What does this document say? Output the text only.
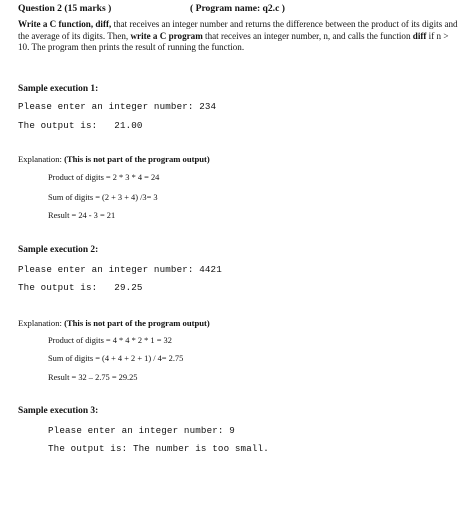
Question 2 (15 marks )	( Program name: q2.c )
Write a C function, diff, that receives an integer number and returns the difference between the product of its digits and the average of its digits. Then, write a C program that receives an integer number, n, and calls the function diff if n > 10. The program then prints the result of running the function.
Sample execution 1:
Please enter an integer number: 234
The output is:   21.00
Explanation: (This is not part of the program output)
Product of digits = 2 * 3 * 4 = 24
Sum of digits = (2 + 3 + 4) /3= 3
Result = 24 - 3 = 21
Sample execution 2:
Please enter an integer number: 4421
The output is:   29.25
Explanation: (This is not part of the program output)
Product of digits = 4 * 4 * 2 * 1 = 32
Sum of digits = (4 + 4 + 2 + 1) / 4= 2.75
Result = 32 – 2.75 = 29.25
Sample execution 3:
Please enter an integer number: 9
The output is: The number is too small.
